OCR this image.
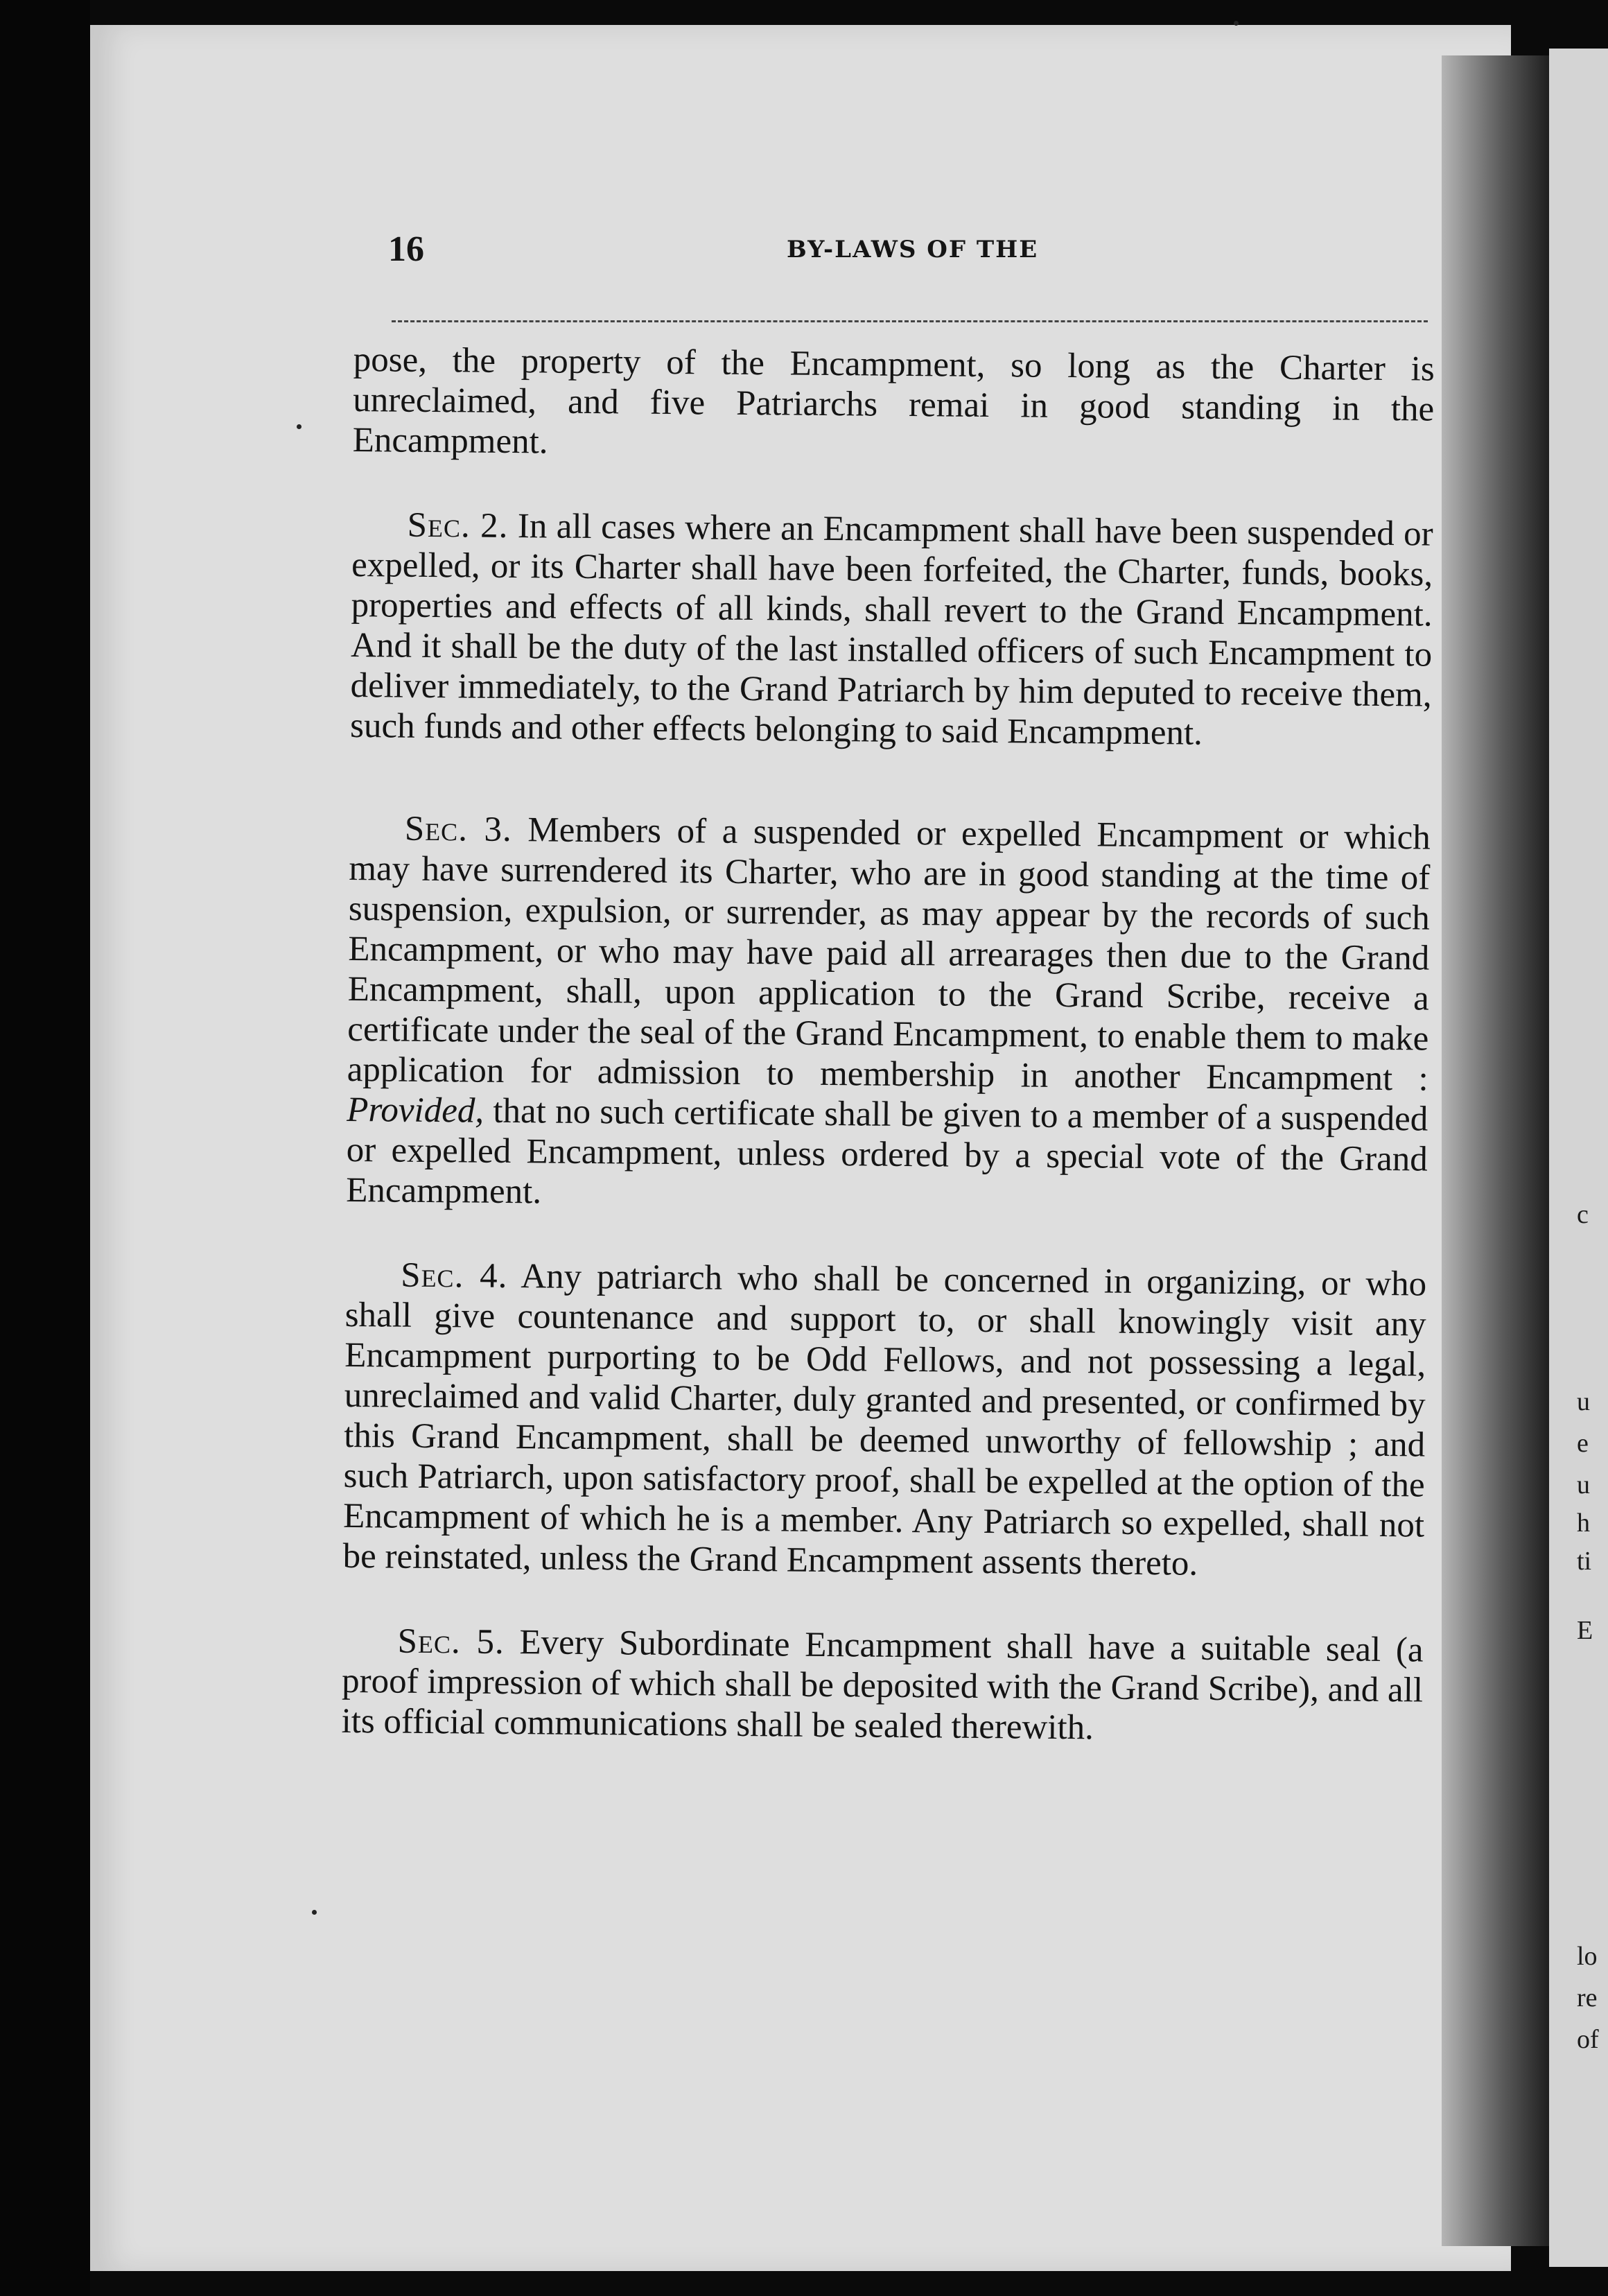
c
u
e
u
h
ti
E
lo
re
of
16	BY-LAWS OF THE

pose, the property of the Encampment, so long as the Charter is unreclaimed, and five Patriarchs remai in good standing in the Encampment.

Sec. 2. In all cases where an Encampment shall have been suspended or expelled, or its Charter shall have been forfeited, the Charter, funds, books, properties and effects of all kinds, shall revert to the Grand Encampment. And it shall be the duty of the last installed officers of such Encampment to deliver immediately, to the Grand Patriarch by him deputed to receive them, such funds and other effects belonging to said Encampment.

Sec. 3. Members of a suspended or expelled Encampment or which may have surrendered its Charter, who are in good standing at the time of suspension, expulsion, or surrender, as may appear by the records of such Encampment, or who may have paid all arrearages then due to the Grand Encampment, shall, upon application to the Grand Scribe, receive a certificate under the seal of the Grand Encampment, to enable them to make application for admission to membership in another Encampment : Provided, that no such certificate shall be given to a member of a suspended or expelled Encampment, unless ordered by a special vote of the Grand Encampment.

Sec. 4. Any patriarch who shall be concerned in organizing, or who shall give countenance and support to, or shall knowingly visit any Encampment purporting to be Odd Fellows, and not possessing a legal, unreclaimed and valid Charter, duly granted and presented, or confirmed by this Grand Encampment, shall be deemed unworthy of fellowship ; and such Patriarch, upon satisfactory proof, shall be expelled at the option of the Encampment of which he is a member. Any Patriarch so expelled, shall not be reinstated, unless the Grand Encampment assents thereto.

Sec. 5. Every Subordinate Encampment shall have a suitable seal (a proof impression of which shall be deposited with the Grand Scribe), and all its official communications shall be sealed therewith.
